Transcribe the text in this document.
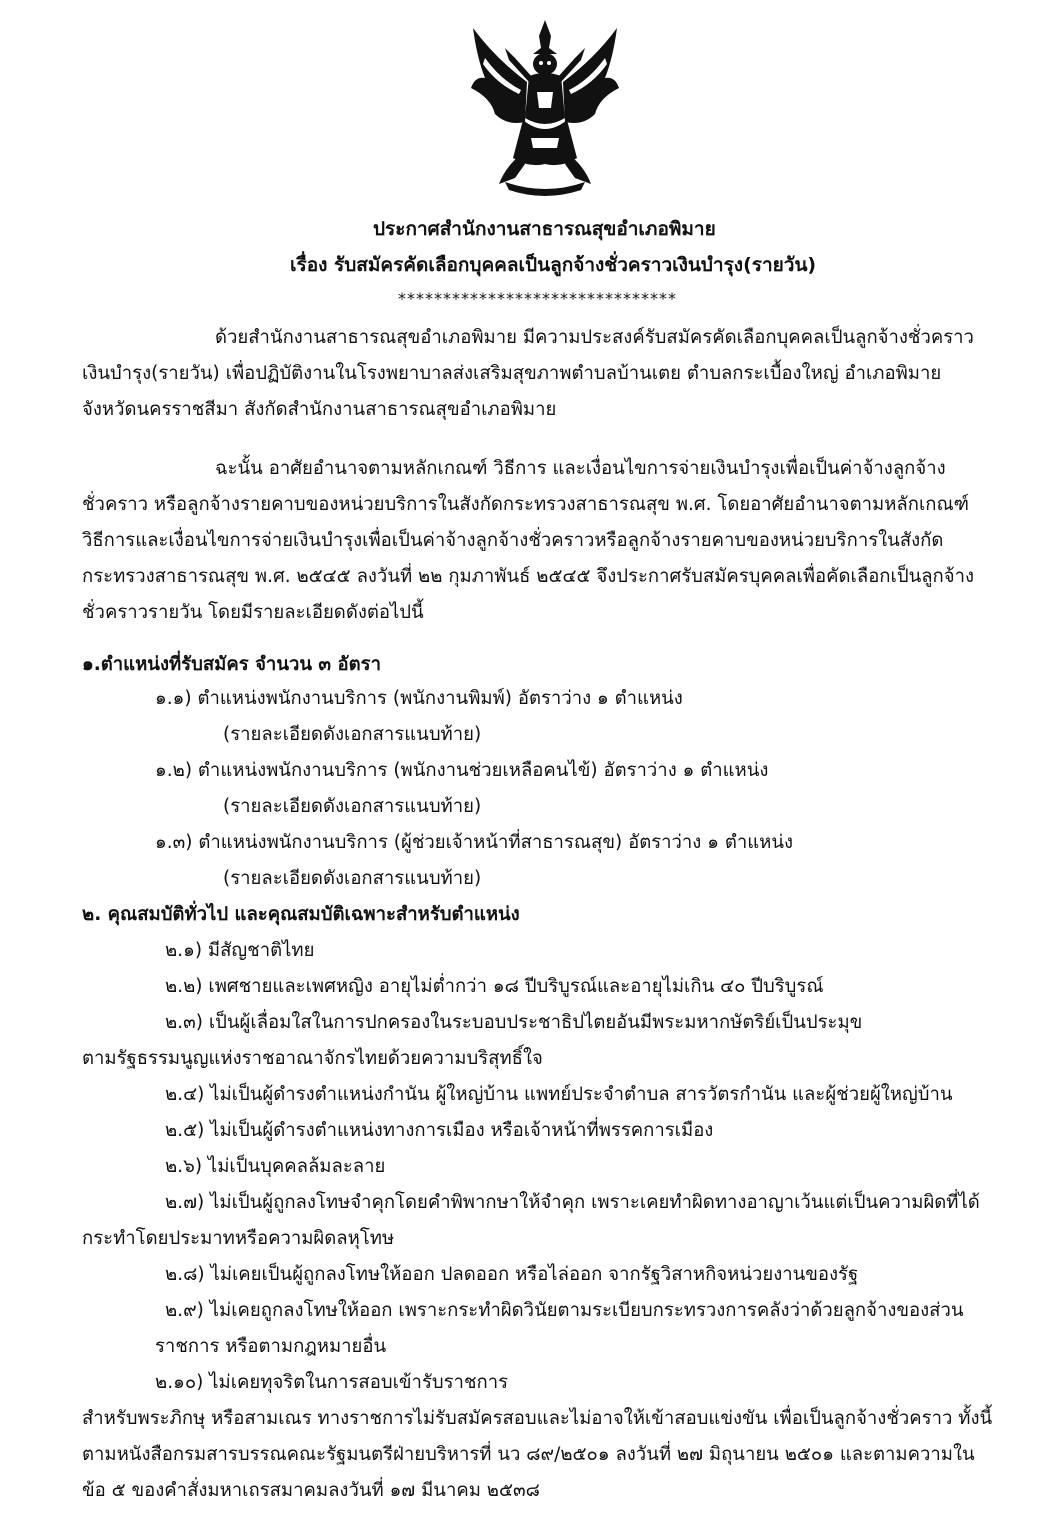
ประกาศสำนักงานสาธารณสุขอำเภอพิมาย
เรื่อง รับสมัครคัดเลือกบุคคลเป็นลูกจ้างชั่วคราวเงินบำรุง(รายวัน)
*******************************
ด้วยสำนักงานสาธารณสุขอำเภอพิมาย มีความประสงค์รับสมัครคัดเลือกบุคคลเป็นลูกจ้างชั่วคราว
เงินบำรุง(รายวัน) เพื่อปฏิบัติงานในโรงพยาบาลส่งเสริมสุขภาพตำบลบ้านเตย ตำบลกระเบื้องใหญ่ อำเภอพิมาย
จังหวัดนครราชสีมา สังกัดสำนักงานสาธารณสุขอำเภอพิมาย
ฉะนั้น อาศัยอำนาจตามหลักเกณฑ์ วิธีการ และเงื่อนไขการจ่ายเงินบำรุงเพื่อเป็นค่าจ้างลูกจ้าง
ชั่วคราว หรือลูกจ้างรายคาบของหน่วยบริการในสังกัดกระทรวงสาธารณสุข พ.ศ. โดยอาศัยอำนาจตามหลักเกณฑ์
วิธีการและเงื่อนไขการจ่ายเงินบำรุงเพื่อเป็นค่าจ้างลูกจ้างชั่วคราวหรือลูกจ้างรายคาบของหน่วยบริการในสังกัด
กระทรวงสาธารณสุข พ.ศ. ๒๕๔๕ ลงวันที่ ๒๒ กุมภาพันธ์ ๒๕๔๕ จึงประกาศรับสมัครบุคคลเพื่อคัดเลือกเป็นลูกจ้าง
ชั่วคราวรายวัน โดยมีรายละเอียดดังต่อไปนี้
๑.ตำแหน่งที่รับสมัคร จำนวน ๓ อัตรา
๑.๑) ตำแหน่งพนักงานบริการ (พนักงานพิมพ์) อัตราว่าง ๑ ตำแหน่ง
(รายละเอียดดังเอกสารแนบท้าย)
๑.๒) ตำแหน่งพนักงานบริการ (พนักงานช่วยเหลือคนไข้) อัตราว่าง ๑ ตำแหน่ง
(รายละเอียดดังเอกสารแนบท้าย)
๑.๓) ตำแหน่งพนักงานบริการ (ผู้ช่วยเจ้าหน้าที่สาธารณสุข) อัตราว่าง ๑ ตำแหน่ง
(รายละเอียดดังเอกสารแนบท้าย)
๒. คุณสมบัติทั่วไป และคุณสมบัติเฉพาะสำหรับตำแหน่ง
๒.๑) มีสัญชาติไทย
๒.๒) เพศชายและเพศหญิง อายุไม่ต่ำกว่า ๑๘ ปีบริบูรณ์และอายุไม่เกิน ๔๐ ปีบริบูรณ์
๒.๓) เป็นผู้เลื่อมใสในการปกครองในระบอบประชาธิปไตยอันมีพระมหากษัตริย์เป็นประมุข
ตามรัฐธรรมนูญแห่งราชอาณาจักรไทยด้วยความบริสุทธิ์ใจ
๒.๔) ไม่เป็นผู้ดำรงตำแหน่งกำนัน ผู้ใหญ่บ้าน แพทย์ประจำตำบล สารวัตรกำนัน และผู้ช่วยผู้ใหญ่บ้าน
๒.๕) ไม่เป็นผู้ดำรงตำแหน่งทางการเมือง หรือเจ้าหน้าที่พรรคการเมือง
๒.๖) ไม่เป็นบุคคลล้มละลาย
๒.๗) ไม่เป็นผู้ถูกลงโทษจำคุกโดยคำพิพากษาให้จำคุก เพราะเคยทำผิดทางอาญาเว้นแต่เป็นความผิดที่ได้
กระทำโดยประมาทหรือความผิดลหุโทษ
๒.๘) ไม่เคยเป็นผู้ถูกลงโทษให้ออก ปลดออก หรือไล่ออก จากรัฐวิสาหกิจหน่วยงานของรัฐ
๒.๙) ไม่เคยถูกลงโทษให้ออก เพราะกระทำผิดวินัยตามระเบียบกระทรวงการคลังว่าด้วยลูกจ้างของส่วน
ราชการ หรือตามกฎหมายอื่น
๒.๑๐) ไม่เคยทุจริตในการสอบเข้ารับราชการ
สำหรับพระภิกษุ หรือสามเณร ทางราชการไม่รับสมัครสอบและไม่อาจให้เข้าสอบแข่งขัน เพื่อเป็นลูกจ้างชั่วคราว ทั้งนี้
ตามหนังสือกรมสารบรรณคณะรัฐมนตรีฝ่ายบริหารที่ นว ๘๙/๒๕๐๑ ลงวันที่ ๒๗ มิถุนายน ๒๕๐๑ และตามความใน
ข้อ ๕ ของคำสั่งมหาเถรสมาคมลงวันที่ ๑๗ มีนาคม ๒๕๓๘
